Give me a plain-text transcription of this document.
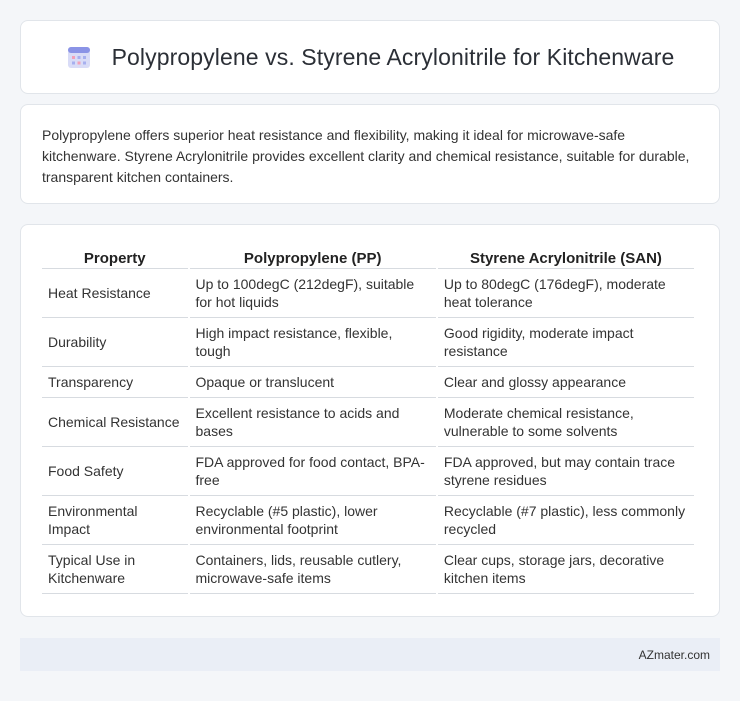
Polypropylene vs. Styrene Acrylonitrile for Kitchenware

Polypropylene offers superior heat resistance and flexibility, making it ideal for microwave-safe kitchenware. Styrene Acrylonitrile provides excellent clarity and chemical resistance, suitable for durable, transparent kitchen containers.

Property	Polypropylene (PP)	Styrene Acrylonitrile (SAN)
Heat Resistance	Up to 100degC (212degF), suitable for hot liquids	Up to 80degC (176degF), moderate heat tolerance
Durability	High impact resistance, flexible, tough	Good rigidity, moderate impact resistance
Transparency	Opaque or translucent	Clear and glossy appearance
Chemical Resistance	Excellent resistance to acids and bases	Moderate chemical resistance, vulnerable to some solvents
Food Safety	FDA approved for food contact, BPA-free	FDA approved, but may contain trace styrene residues
Environmental Impact	Recyclable (#5 plastic), lower environmental footprint	Recyclable (#7 plastic), less commonly recycled
Typical Use in Kitchenware	Containers, lids, reusable cutlery, microwave-safe items	Clear cups, storage jars, decorative kitchen items
AZmater.com
